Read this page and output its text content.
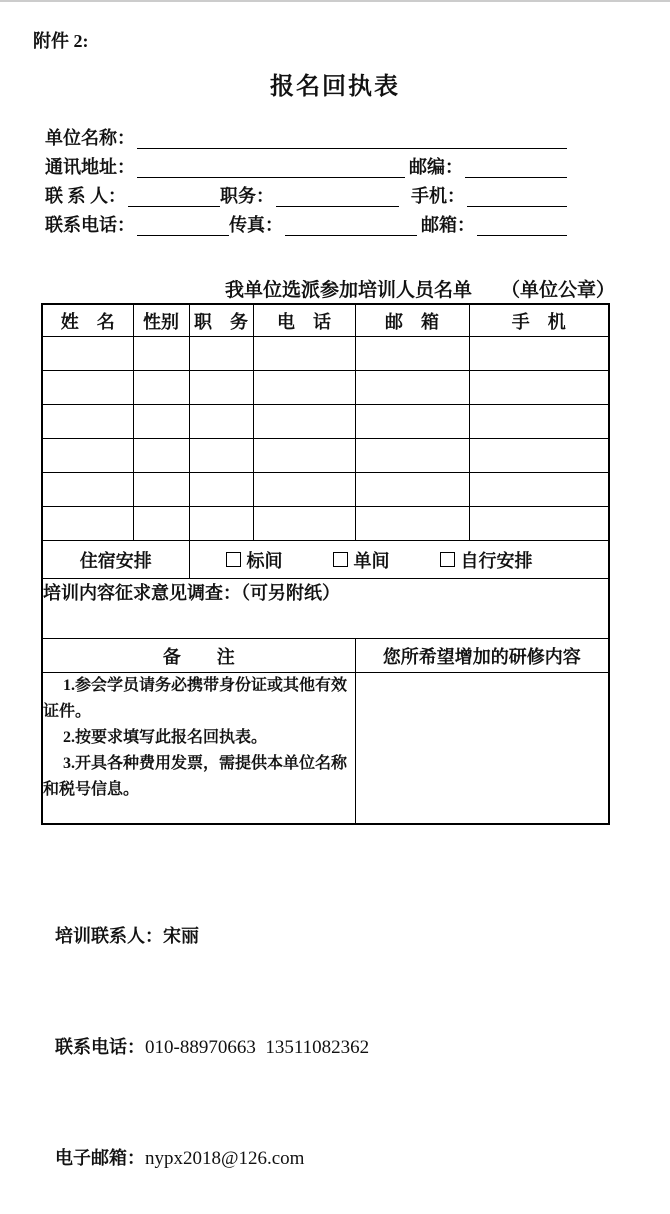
附件 2:
报名回执表
单位名称：
通讯地址：	邮编：
联 系 人：	职务：	手机：
联系电话：	传真：	邮箱：
我单位选派参加培训人员名单 （单位公章）
姓　名	性别	职　务	电　话	邮　箱	手　机

住宿安排		标间 单间 自行安排			

培训内容征求意见调查：（可另附纸）					
备　　注				您所希望增加的研修内容	

1.参会学员请务必携带身份证或其他有效证件。

2.按要求填写此报名回执表。

3.开具各种费用发票，需提供本单位名称和税号信息。					

培训联系人：宋丽

联系电话：010-88970663  13511082362

电子邮箱：nypx2018@126.com
